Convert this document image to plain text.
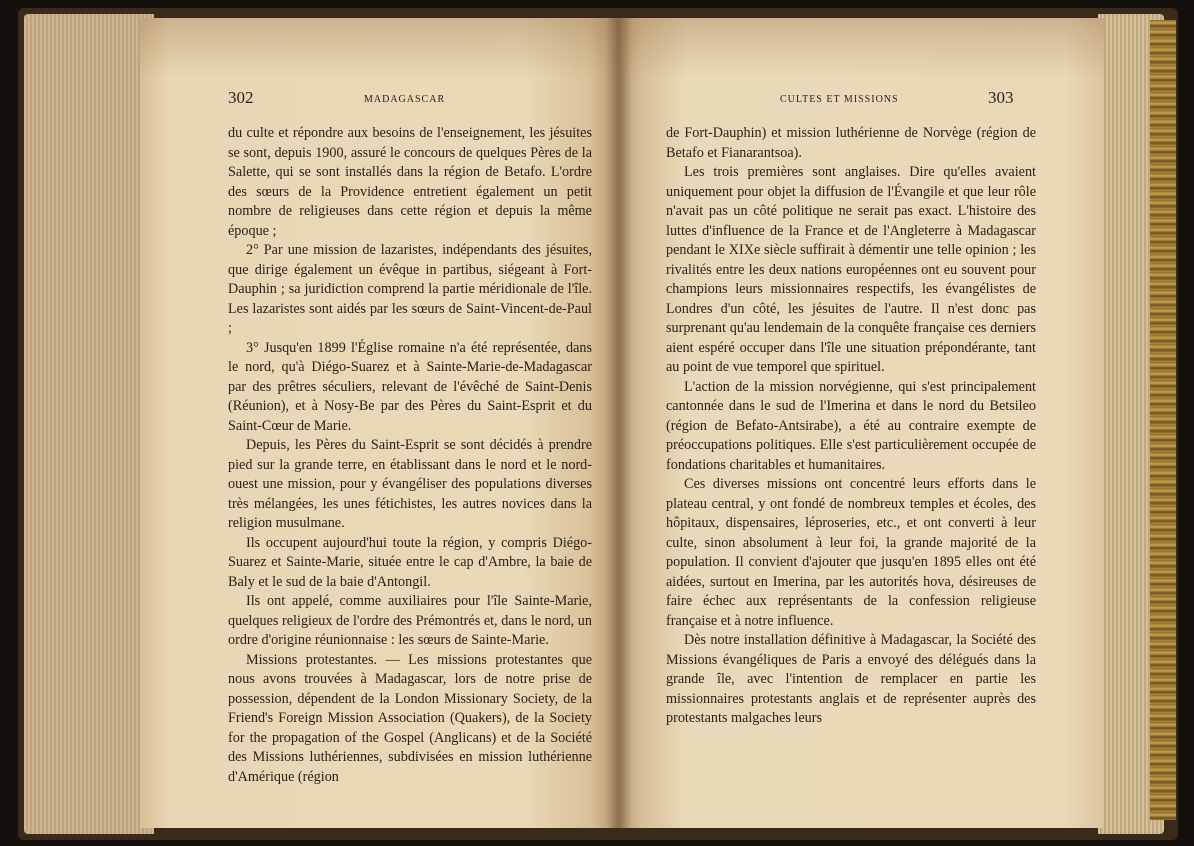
302	MADAGASCAR

du culte et répondre aux besoins de l'enseignement, les jésuites se sont, depuis 1900, assuré le concours de quelques Pères de la Salette, qui se sont installés dans la région de Betafo. L'ordre des sœurs de la Providence entretient également un petit nombre de religieuses dans cette région et depuis la même époque ;

2° Par une mission de lazaristes, indépendants des jésuites, que dirige également un évêque in partibus, siégeant à Fort-Dauphin ; sa juridiction comprend la partie méridionale de l'île. Les lazaristes sont aidés par les sœurs de Saint-Vincent-de-Paul ;

3° Jusqu'en 1899 l'Église romaine n'a été représentée, dans le nord, qu'à Diégo-Suarez et à Sainte-Marie-de-Madagascar par des prêtres séculiers, relevant de l'évêché de Saint-Denis (Réunion), et à Nosy-Be par des Pères du Saint-Esprit et du Saint-Cœur de Marie.

Depuis, les Pères du Saint-Esprit se sont décidés à prendre pied sur la grande terre, en établissant dans le nord et le nord-ouest une mission, pour y évangéliser des populations diverses très mélangées, les unes fétichistes, les autres novices dans la religion musulmane.

Ils occupent aujourd'hui toute la région, y compris Diégo-Suarez et Sainte-Marie, située entre le cap d'Ambre, la baie de Baly et le sud de la baie d'Antongil.

Ils ont appelé, comme auxiliaires pour l'île Sainte-Marie, quelques religieux de l'ordre des Prémontrés et, dans le nord, un ordre d'origine réunionnaise : les sœurs de Sainte-Marie.

Missions protestantes. — Les missions protestantes que nous avons trouvées à Madagascar, lors de notre prise de possession, dépendent de la London Missionary Society, de la Friend's Foreign Mission Association (Quakers), de la Society for the propagation of the Gospel (Anglicans) et de la Société des Missions luthériennes, subdivisées en mission luthérienne d'Amérique (région

CULTES ET MISSIONS	303

de Fort-Dauphin) et mission luthérienne de Norvège (région de Betafo et Fianarantsoa).

Les trois premières sont anglaises. Dire qu'elles avaient uniquement pour objet la diffusion de l'Évangile et que leur rôle n'avait pas un côté politique ne serait pas exact. L'histoire des luttes d'influence de la France et de l'Angleterre à Madagascar pendant le XIXe siècle suffirait à démentir une telle opinion ; les rivalités entre les deux nations européennes ont eu souvent pour champions leurs missionnaires respectifs, les évangélistes de Londres d'un côté, les jésuites de l'autre. Il n'est donc pas surprenant qu'au lendemain de la conquête française ces derniers aient espéré occuper dans l'île une situation prépondérante, tant au point de vue temporel que spirituel.

L'action de la mission norvégienne, qui s'est principalement cantonnée dans le sud de l'Imerina et dans le nord du Betsileo (région de Befato-Antsirabe), a été au contraire exempte de préoccupations politiques. Elle s'est particulièrement occupée de fondations charitables et humanitaires.

Ces diverses missions ont concentré leurs efforts dans le plateau central, y ont fondé de nombreux temples et écoles, des hôpitaux, dispensaires, léproseries, etc., et ont converti à leur culte, sinon absolument à leur foi, la grande majorité de la population. Il convient d'ajouter que jusqu'en 1895 elles ont été aidées, surtout en Imerina, par les autorités hova, désireuses de faire échec aux représentants de la confession religieuse française et à notre influence.

Dès notre installation définitive à Madagascar, la Société des Missions évangéliques de Paris a envoyé des délégués dans la grande île, avec l'intention de remplacer en partie les missionnaires protestants anglais et de représenter auprès des protestants malgaches leurs
